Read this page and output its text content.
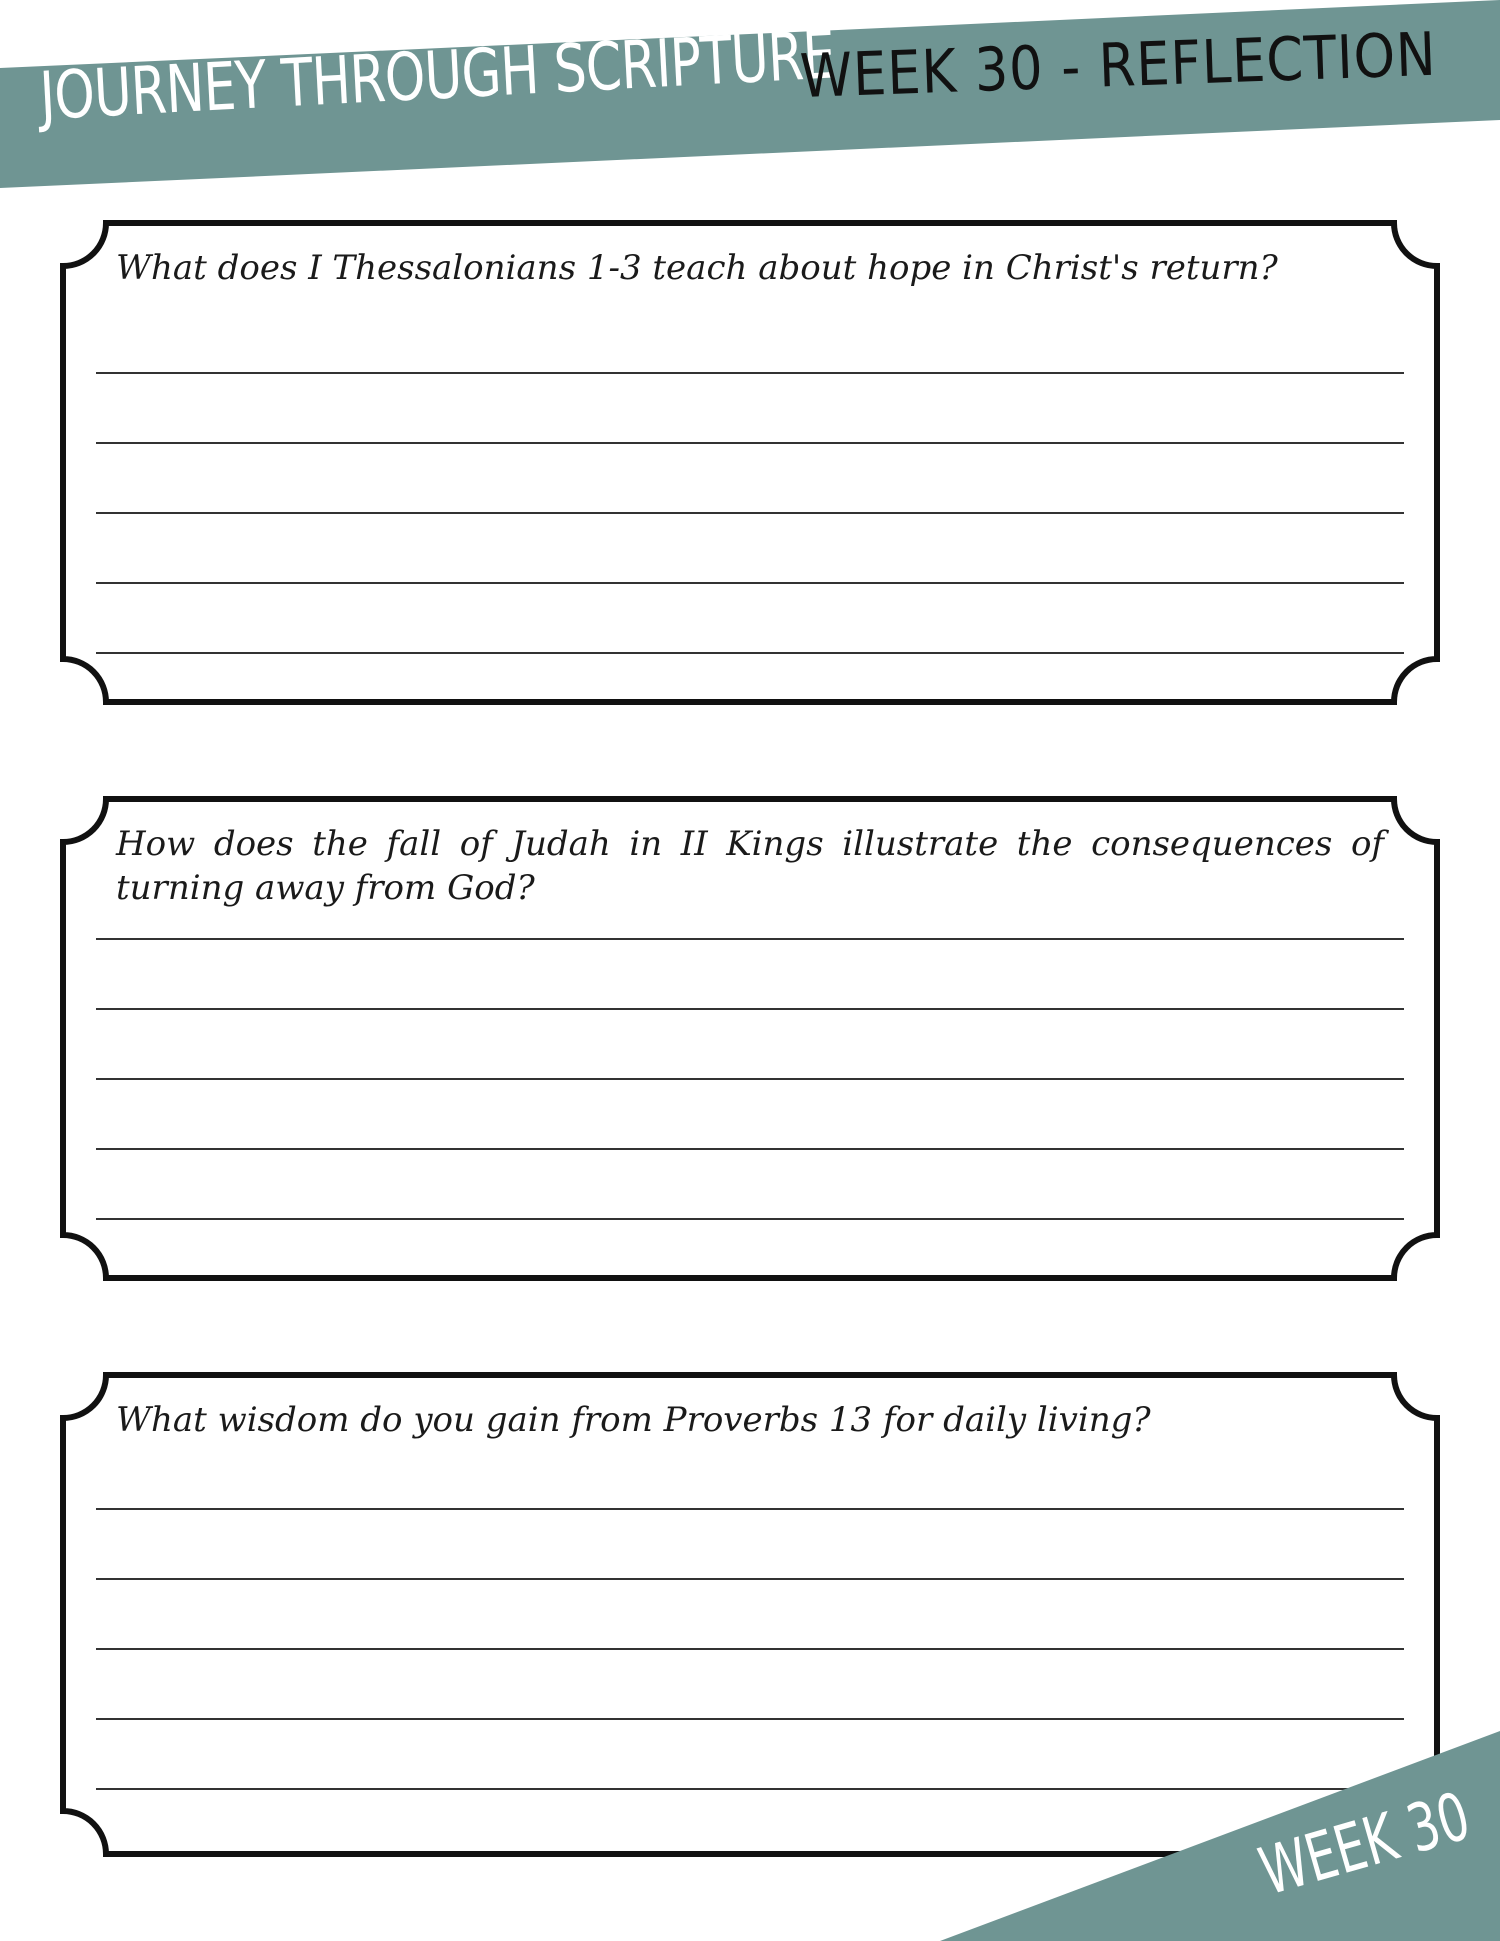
JOURNEY THROUGH SCRIPTURE
WEEK 30 - REFLECTION
What does I Thessalonians 1-3 teach about hope in Christ's return?
How does the fall of Judah in II Kings illustrate the consequences of turning away from God?
What wisdom do you gain from Proverbs 13 for daily living?
WEEK 30
